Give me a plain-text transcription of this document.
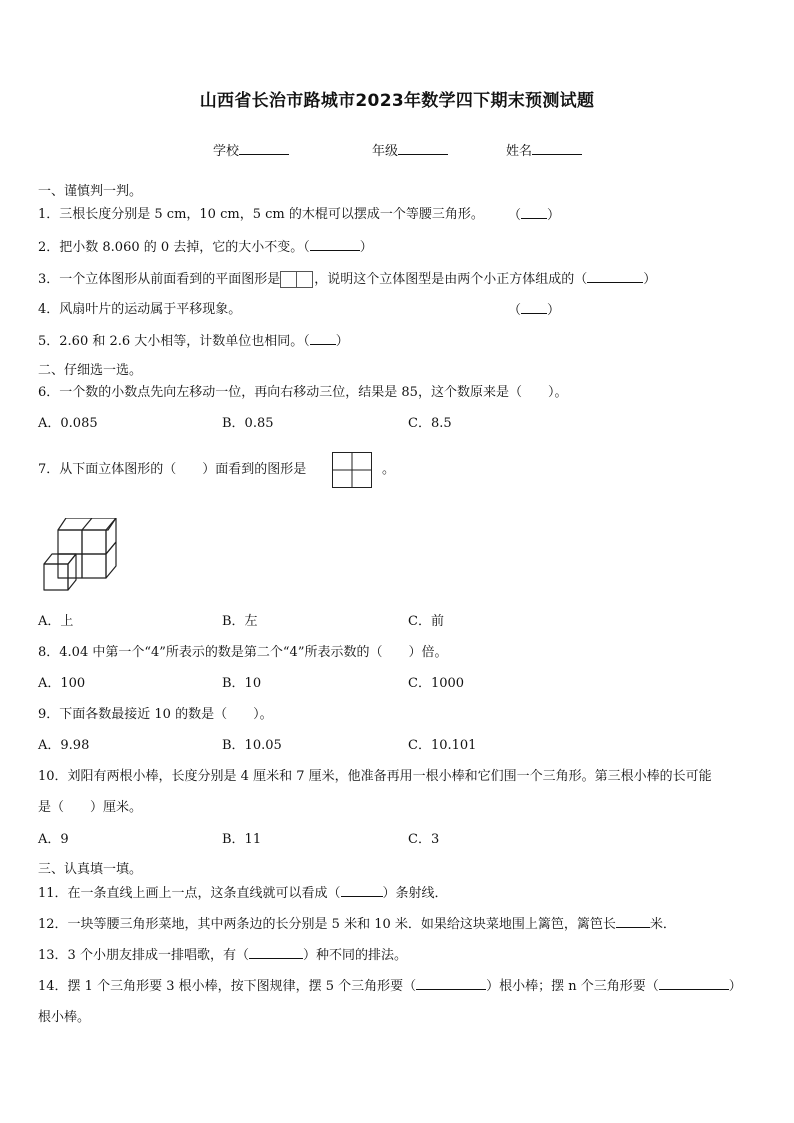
山西省长治市路城市2023年数学四下期末预测试题
学校	年级	姓名
一、谨慎判一判。
1．三根长度分别是 5 cm，10 cm，5 cm 的木棍可以摆成一个等腰三角形。 （ ）
2．把小数 8.060 的 0 去掉，它的大小不变。（	）
3．一个立体图形从前面看到的平面图形是	，说明这个立体图型是由两个小正方体组成的（	）
4．风扇叶片的运动属于平移现象。	（ ）
5．2.60 和 2.6 大小相等，计数单位也相同。（ ）
二、仔细选一选。
6．一个数的小数点先向左移动一位，再向右移动三位，结果是 85，这个数原来是（　　）。
A．0.085	B．0.85	C．8.5
7．从下面立体图形的（　　）面看到的图形是	。
A．上	B．左	C．前
8．4.04 中第一个“4”所表示的数是第二个“4”所表示数的（　　）倍。
A．100	B．10	C．1000
9．下面各数最接近 10 的数是（　　）。
A．9.98	B．10.05	C．10.101
10．刘阳有两根小棒，长度分别是 4 厘米和 7 厘米，他准备再用一根小棒和它们围一个三角形。第三根小棒的长可能
是（　　）厘米。
A．9	B．11	C．3
三、认真填一填。
11．在一条直线上画上一点，这条直线就可以看成（	）条射线．
12．一块等腰三角形菜地，其中两条边的长分别是 5 米和 10 米．如果给这块菜地围上篱笆，篱笆长	米．
13．3 个小朋友排成一排唱歌，有（	）种不同的排法。
14．摆 1 个三角形要 3 根小棒，按下图规律，摆 5 个三角形要（	）根小棒；摆 n 个三角形要（	）
根小棒。
